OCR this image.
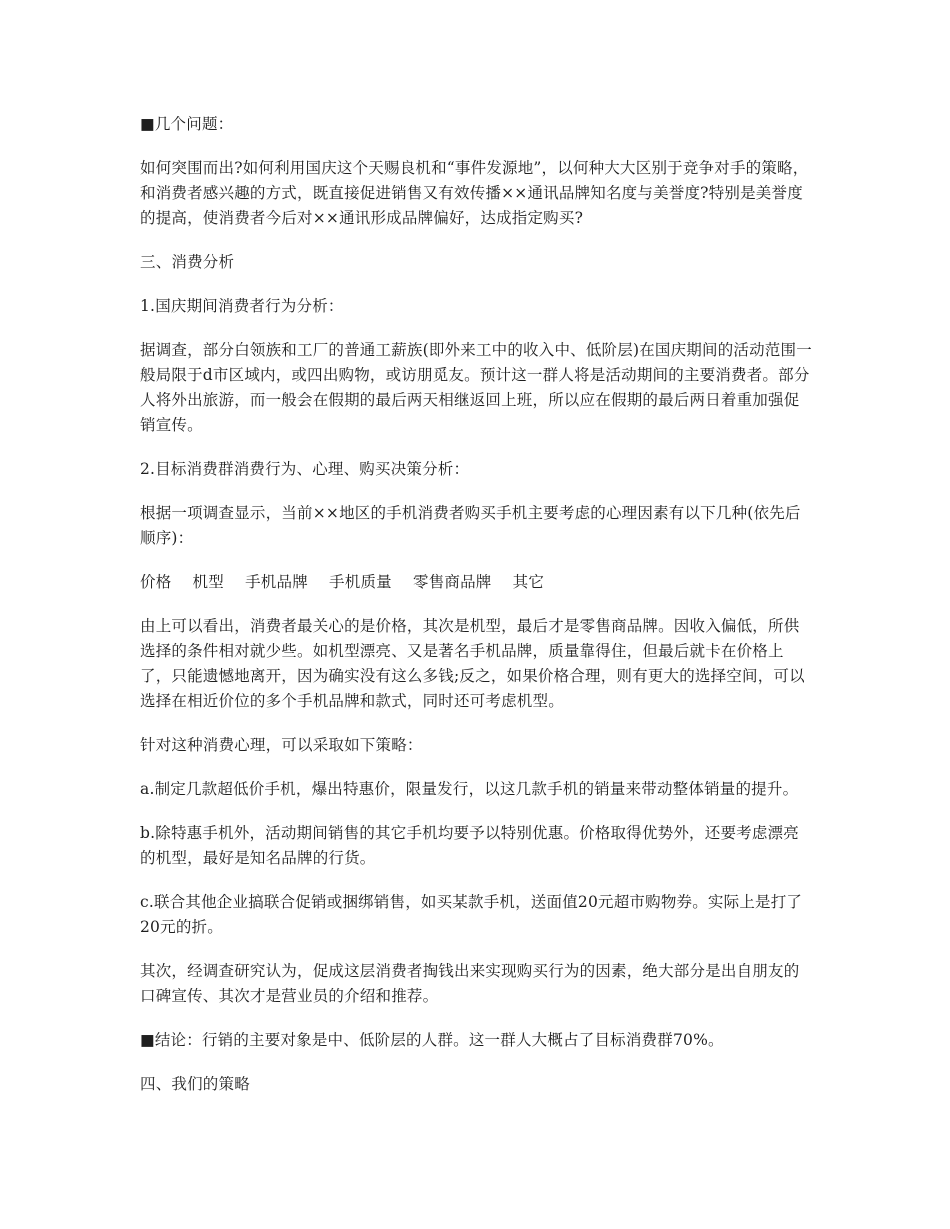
■几个问题：

如何突围而出?如何利用国庆这个天赐良机和“事件发源地”，以何种大大区别于竞争对手的策略，和消费者感兴趣的方式，既直接促进销售又有效传播××通讯品牌知名度与美誉度?特别是美誉度的提高，使消费者今后对××通讯形成品牌偏好，达成指定购买?

三、消费分析

1.国庆期间消费者行为分析：

据调查，部分白领族和工厂的普通工薪族(即外来工中的收入中、低阶层)在国庆期间的活动范围一般局限于d市区域内，或四出购物，或访朋觅友。预计这一群人将是活动期间的主要消费者。部分人将外出旅游，而一般会在假期的最后两天相继返回上班，所以应在假期的最后两日着重加强促销宣传。

2.目标消费群消费行为、心理、购买决策分析：

根据一项调查显示，当前××地区的手机消费者购买手机主要考虑的心理因素有以下几种(依先后顺序)：

价格 机型 手机品牌 手机质量 零售商品牌 其它

由上可以看出，消费者最关心的是价格，其次是机型，最后才是零售商品牌。因收入偏低，所供选择的条件相对就少些。如机型漂亮、又是著名手机品牌，质量靠得住，但最后就卡在价格上了，只能遗憾地离开，因为确实没有这么多钱;反之，如果价格合理，则有更大的选择空间，可以选择在相近价位的多个手机品牌和款式，同时还可考虑机型。

针对这种消费心理，可以采取如下策略：

a.制定几款超低价手机，爆出特惠价，限量发行，以这几款手机的销量来带动整体销量的提升。

b.除特惠手机外，活动期间销售的其它手机均要予以特别优惠。价格取得优势外，还要考虑漂亮的机型，最好是知名品牌的行货。

c.联合其他企业搞联合促销或捆绑销售，如买某款手机，送面值20元超市购物券。实际上是打了20元的折。

其次，经调查研究认为，促成这层消费者掏钱出来实现购买行为的因素，绝大部分是出自朋友的口碑宣传、其次才是营业员的介绍和推荐。

■结论：行销的主要对象是中、低阶层的人群。这一群人大概占了目标消费群70%。

四、我们的策略
